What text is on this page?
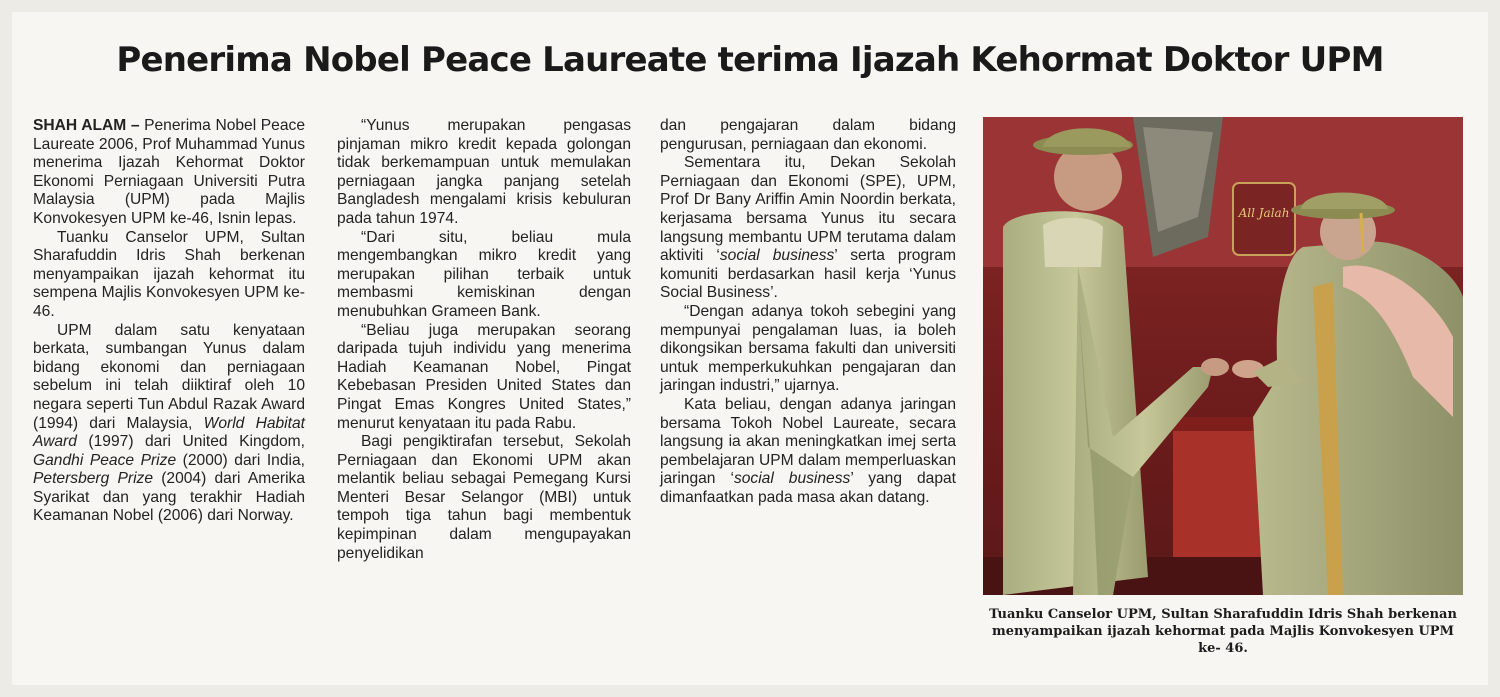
Penerima Nobel Peace Laureate terima Ijazah Kehormat Doktor UPM

SHAH ALAM – Penerima Nobel Peace Laureate 2006, Prof Muhammad Yunus menerima Ijazah Kehormat Doktor Ekonomi Perniagaan Universiti Putra Malaysia (UPM) pada Majlis Konvokesyen UPM ke-46, Isnin lepas.

Tuanku Canselor UPM, Sultan Sharafuddin Idris Shah berkenan menyampaikan ijazah kehormat itu sempena Majlis Konvokesyen UPM ke- 46.

UPM dalam satu kenyataan berkata, sumbangan Yunus dalam bidang ekonomi dan perniagaan sebelum ini telah diiktiraf oleh 10 negara seperti Tun Abdul Razak Award (1994) dari Malaysia, World Habitat Award (1997) dari United Kingdom, Gandhi Peace Prize (2000) dari India, Petersberg Prize (2004) dari Amerika Syarikat dan yang terakhir Hadiah Keamanan Nobel (2006) dari Norway.

“Yunus merupakan pengasas pinjaman mikro kredit kepada golongan tidak berkemampuan untuk memulakan perniagaan jangka panjang setelah Bangladesh mengalami krisis kebuluran pada tahun 1974.

“Dari situ, beliau mula mengembangkan mikro kredit yang merupakan pilihan terbaik untuk membasmi kemiskinan dengan menubuhkan Grameen Bank.

“Beliau juga merupakan seorang daripada tujuh individu yang menerima Hadiah Keamanan Nobel, Pingat Kebebasan Presiden United States dan Pingat Emas Kongres United States,” menurut kenyataan itu pada Rabu.

Bagi pengiktirafan tersebut, Sekolah Perniagaan dan Ekonomi UPM akan melantik beliau sebagai Pemegang Kursi Menteri Besar Selangor (MBI) untuk tempoh tiga tahun bagi membentuk kepimpinan dalam mengupayakan penyelidikan

dan pengajaran dalam bidang pengurusan, perniagaan dan ekonomi.

Sementara itu, Dekan Sekolah Perniagaan dan Ekonomi (SPE), UPM, Prof Dr Bany Ariffin Amin Noordin berkata, kerjasama bersama Yunus itu secara langsung membantu UPM terutama dalam aktiviti ‘social business’ serta program komuniti berdasarkan hasil kerja ‘Yunus Social Business’.

“Dengan adanya tokoh sebegini yang mempunyai pengalaman luas, ia boleh dikongsikan bersama fakulti dan universiti untuk memperkukuhkan pengajaran dan jaringan industri,” ujarnya.

Kata beliau, dengan adanya jaringan bersama Tokoh Nobel Laureate, secara langsung ia akan meningkatkan imej serta pembelajaran UPM dalam memperluaskan jaringan ‘social business’ yang dapat dimanfaatkan pada masa akan datang.

All Jalah
Tuanku Canselor UPM, Sultan Sharafuddin Idris Shah berkenan menyampaikan ijazah kehormat pada Majlis Konvokesyen UPM ke- 46.
